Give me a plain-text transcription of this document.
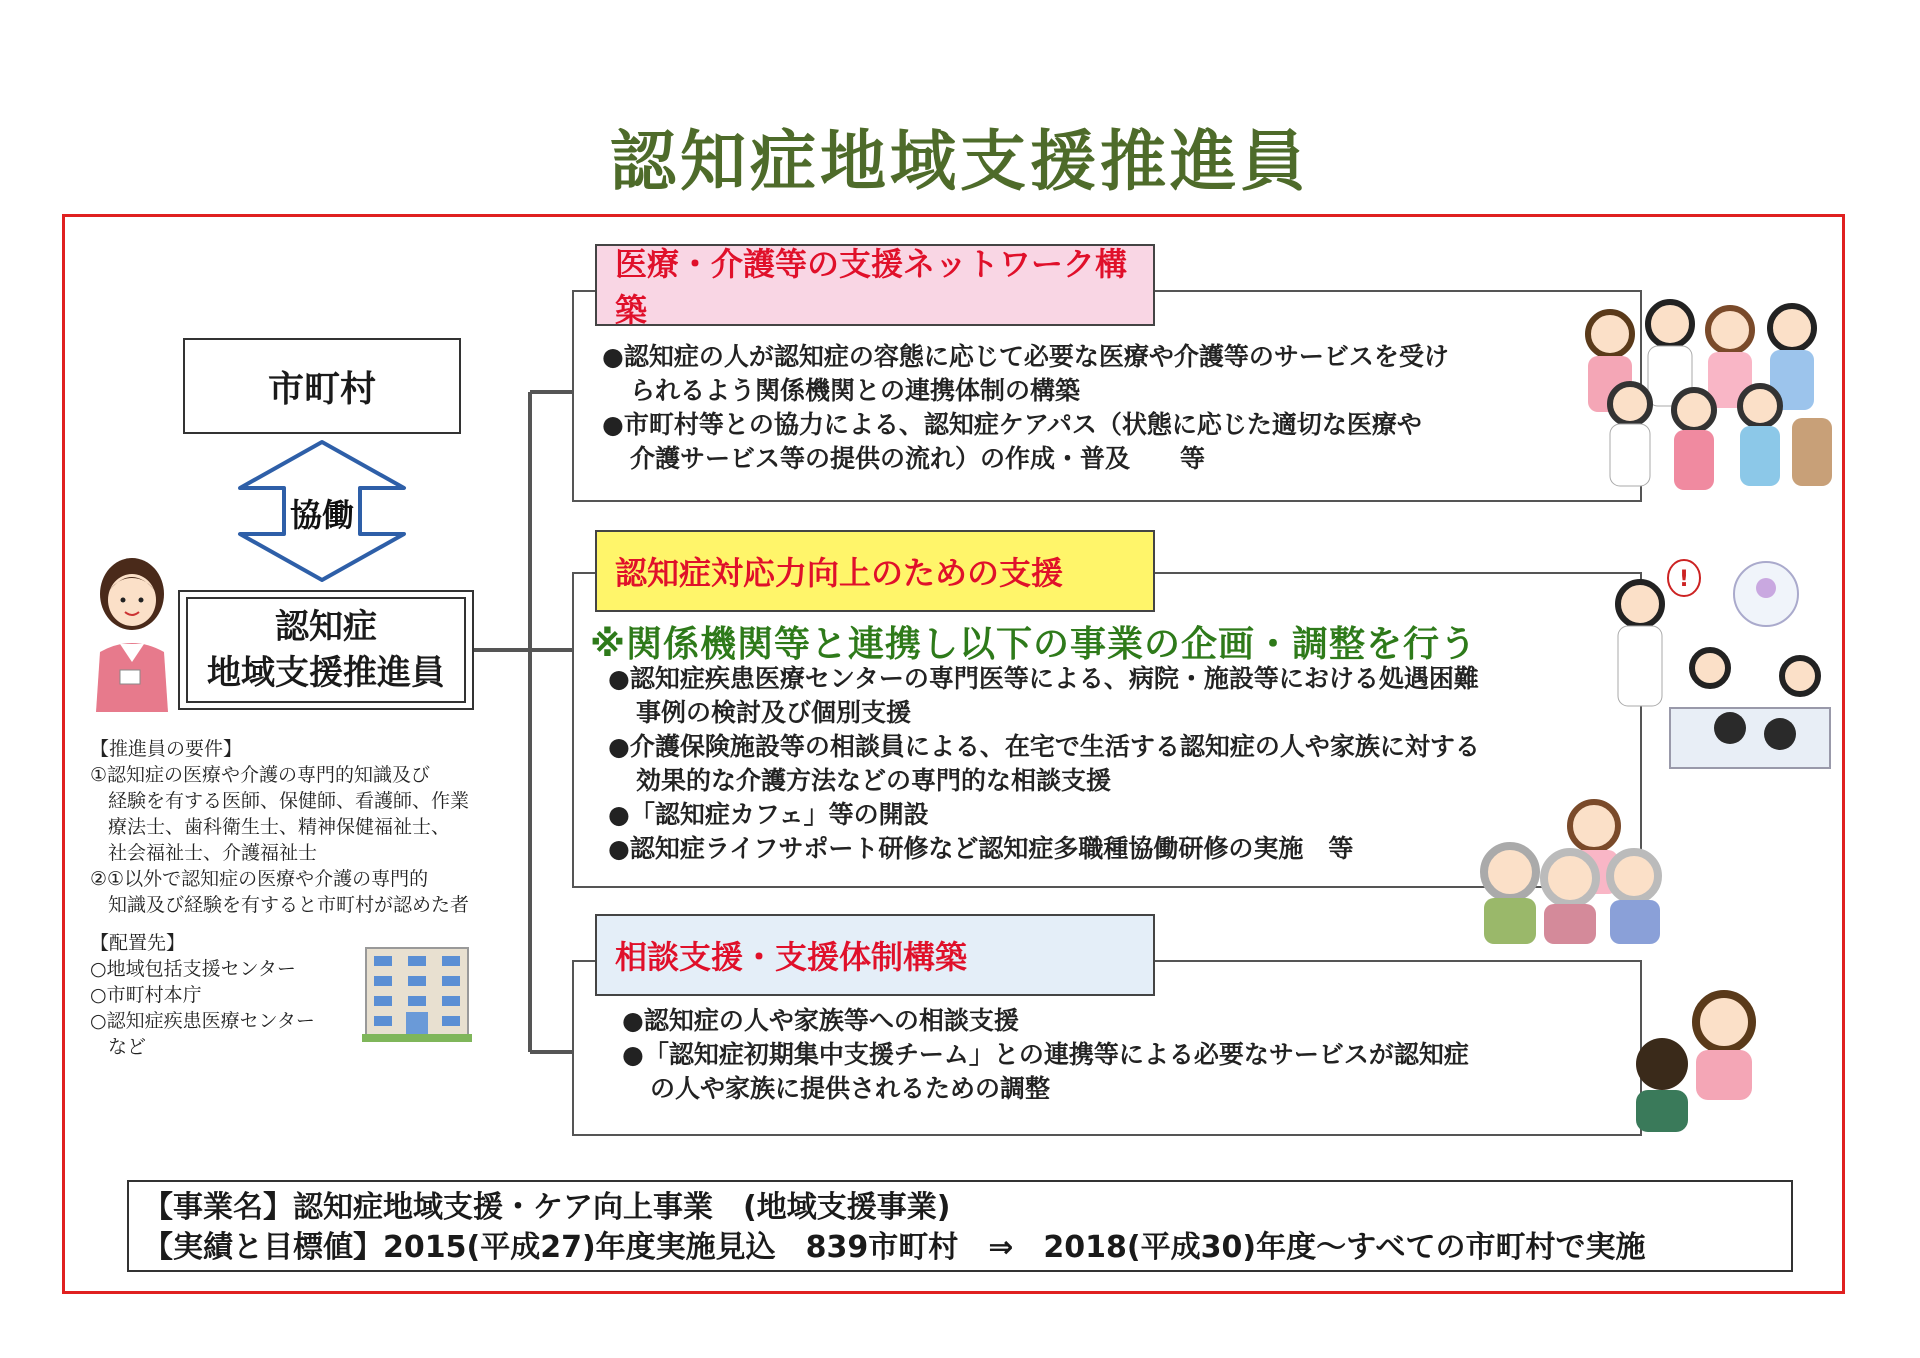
認知症地域支援推進員
市町村
協働
認知症
地域支援推進員
【推進員の要件】
①認知症の医療や介護の専門的知識及び
経験を有する医師、保健師、看護師、作業
療法士、歯科衛生士、精神保健福祉士、
社会福祉士、介護福祉士
②①以外で認知症の医療や介護の専門的
知識及び経験を有すると市町村が認めた者
【配置先】
○地域包括支援センター
○市町村本庁
○認知症疾患医療センター
など
医療・介護等の支援ネットワーク構築
●認知症の人が認知症の容態に応じて必要な医療や介護等のサービスを受け
られるよう関係機関との連携体制の構築
●市町村等との協力による、認知症ケアパス（状態に応じた適切な医療や
介護サービス等の提供の流れ）の作成・普及　　等
認知症対応力向上のための支援
※関係機関等と連携し以下の事業の企画・調整を行う
●認知症疾患医療センターの専門医等による、病院・施設等における処遇困難
事例の検討及び個別支援
●介護保険施設等の相談員による、在宅で生活する認知症の人や家族に対する
効果的な介護方法などの専門的な相談支援
●「認知症カフェ」等の開設
●認知症ライフサポート研修など認知症多職種協働研修の実施　等
!
相談支援・支援体制構築
●認知症の人や家族等への相談支援
●「認知症初期集中支援チーム」との連携等による必要なサービスが認知症
の人や家族に提供されるための調整
【事業名】認知症地域支援・ケア向上事業　(地域支援事業)
【実績と目標値】2015(平成27)年度実施見込　839市町村　⇒　2018(平成30)年度～すべての市町村で実施
